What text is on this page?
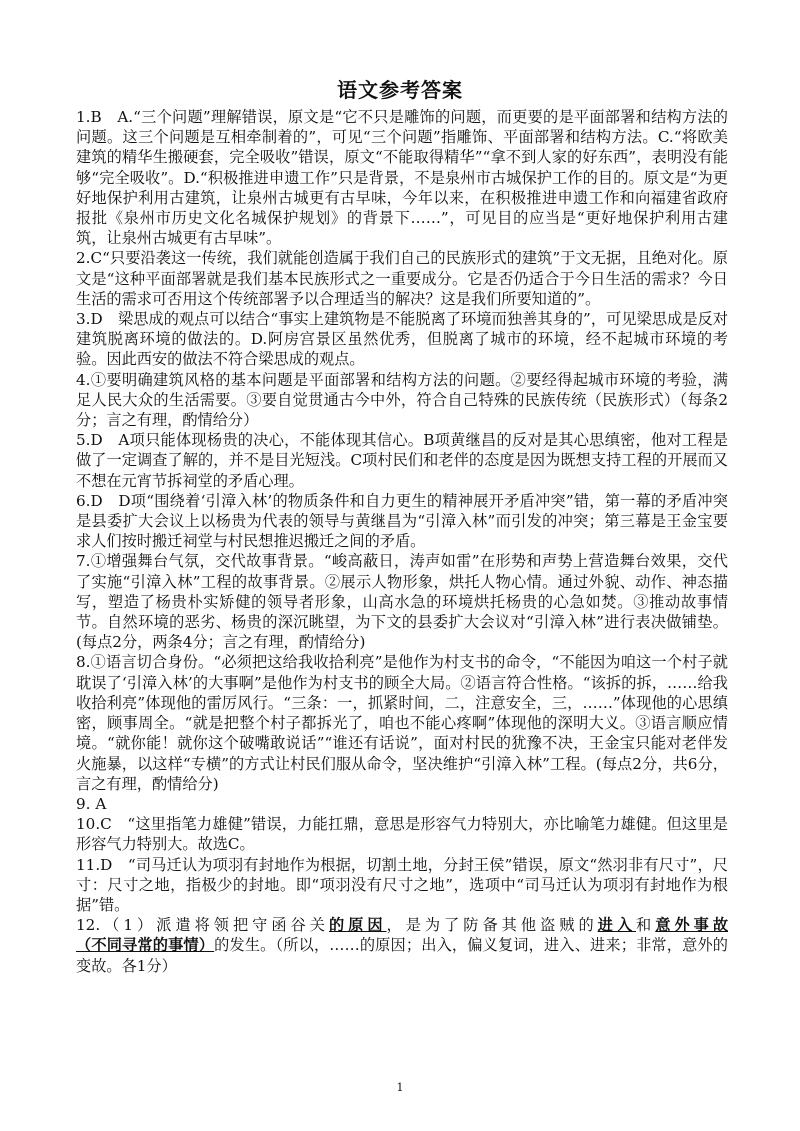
语文参考答案

1.B　A.“三个问题”理解错误，原文是“它不只是雕饰的问题，而更要的是平面部署和结构方法的问题。这三个问题是互相牵制着的”，可见“三个问题”指雕饰、平面部署和结构方法。C.“将欧美建筑的精华生搬硬套，完全吸收”错误，原文“不能取得精华”“拿不到人家的好东西”，表明没有能够“完全吸收”。D.“积极推进申遗工作”只是背景，不是泉州市古城保护工作的目的。原文是“为更好地保护利用古建筑，让泉州古城更有古早味，今年以来，在积极推进申遗工作和向福建省政府报批《泉州市历史文化名城保护规划》的背景下……”，可见目的应当是“更好地保护利用古建筑，让泉州古城更有古早味”。

2.C“只要沿袭这一传统，我们就能创造属于我们自己的民族形式的建筑”于文无据，且绝对化。原文是“这种平面部署就是我们基本民族形式之一重要成分。它是否仍适合于今日生活的需求？今日生活的需求可否用这个传统部署予以合理适当的解决？这是我们所要知道的”。

3.D　梁思成的观点可以结合“事实上建筑物是不能脱离了环境而独善其身的”，可见梁思成是反对建筑脱离环境的做法的。D.阿房宫景区虽然优秀，但脱离了城市的环境，经不起城市环境的考验。因此西安的做法不符合梁思成的观点。

4.①要明确建筑风格的基本问题是平面部署和结构方法的问题。②要经得起城市环境的考验，满足人民大众的生活需要。③要自觉贯通古今中外，符合自己特殊的民族传统（民族形式）（每条2分；言之有理，酌情给分）

5.D　A项只能体现杨贵的决心，不能体现其信心。B项黄继昌的反对是其心思缜密，他对工程是做了一定调查了解的，并不是目光短浅。C项村民们和老伴的态度是因为既想支持工程的开展而又不想在元宵节拆祠堂的矛盾心理。

6.D　D项“围绕着‘引漳入林’的物质条件和自力更生的精神展开矛盾冲突”错，第一幕的矛盾冲突是县委扩大会议上以杨贵为代表的领导与黄继昌为“引漳入林”而引发的冲突；第三幕是王金宝要求人们按时搬迁祠堂与村民想推迟搬迁之间的矛盾。

7.①增强舞台气氛，交代故事背景。“峻高蔽日，涛声如雷”在形势和声势上营造舞台效果，交代了实施“引漳入林”工程的故事背景。②展示人物形象，烘托人物心情。通过外貌、动作、神态描写，塑造了杨贵朴实矫健的领导者形象，山高水急的环境烘托杨贵的心急如焚。③推动故事情节。自然环境的恶劣、杨贵的深沉眺望，为下文的县委扩大会议对“引漳入林”进行表决做铺垫。(每点2分，两条4分；言之有理，酌情给分)

8.①语言切合身份。“必须把这给我收拾利亮”是他作为村支书的命令，“不能因为咱这一个村子就耽误了‘引漳入林’的大事啊”是他作为村支书的顾全大局。②语言符合性格。“该拆的拆，……给我收拾利亮”体现他的雷厉风行。“三条：一，抓紧时间，二，注意安全，三，……”体现他的心思缜密，顾事周全。“就是把整个村子都拆光了，咱也不能心疼啊”体现他的深明大义。③语言顺应情境。“就你能！就你这个破嘴敢说话”“谁还有话说”，面对村民的犹豫不决，王金宝只能对老伴发火施暴，以这样“专横”的方式让村民们服从命令，坚决维护“引漳入林”工程。(每点2分，共6分，言之有理，酌情给分)

9. A

10.C　“这里指笔力雄健”错误，力能扛鼎，意思是形容气力特别大，亦比喻笔力雄健。但这里是形容气力特别大。故选C。

11.D　“司马迁认为项羽有封地作为根据，切割土地，分封王侯”错误，原文“然羽非有尺寸”，尺寸：尺寸之地，指极少的封地。即“项羽没有尺寸之地”，选项中“司马迁认为项羽有封地作为根据”错。

12.（1）派遣将领把守函谷关的原因，是为了防备其他盗贼的进入和意外事故（不同寻常的事情）的发生。（所以，……的原因；出入，偏义复词，进入、进来；非常，意外的变故。各1分）

1
